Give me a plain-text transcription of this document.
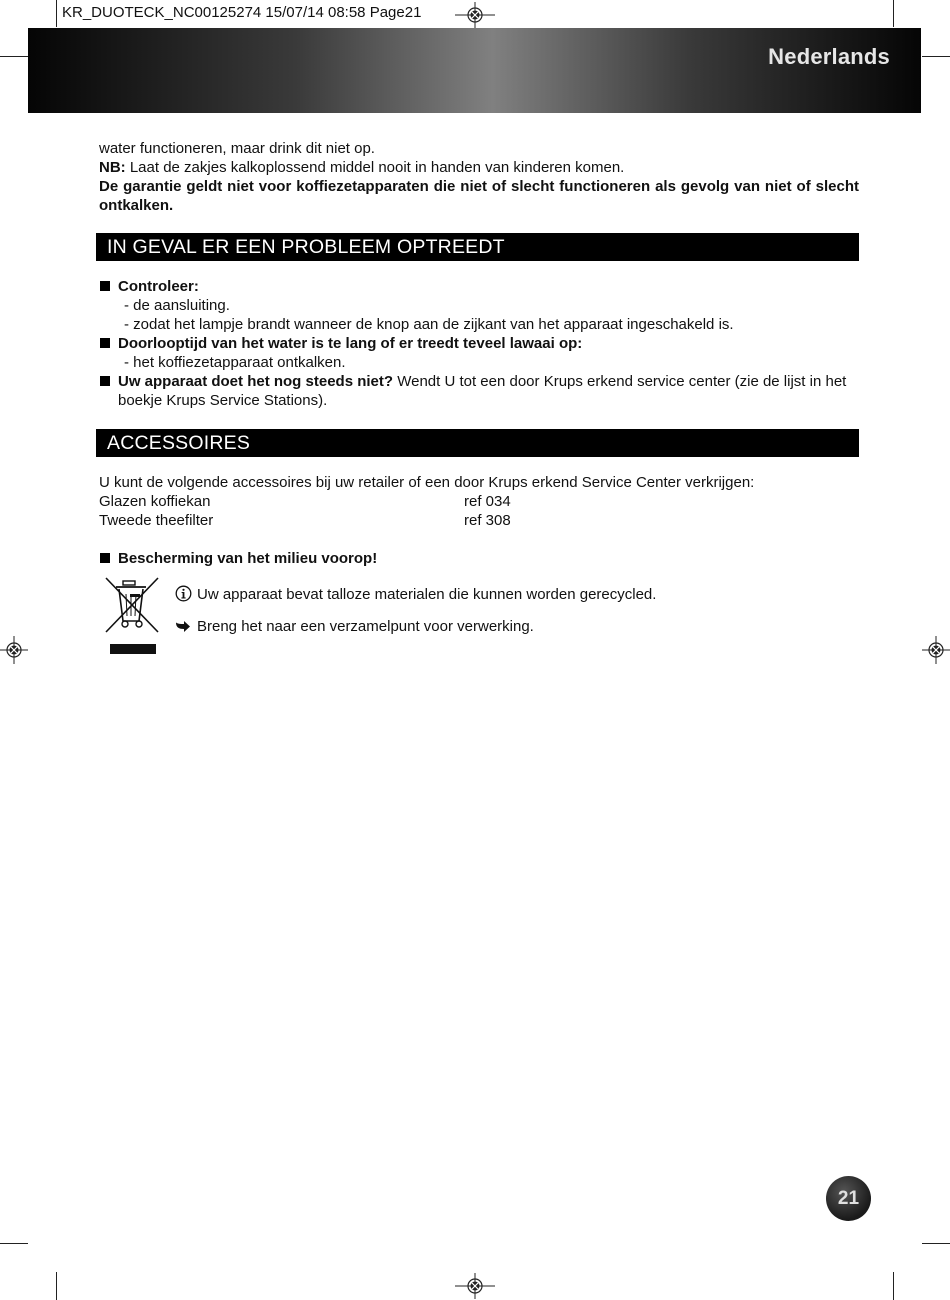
KR_DUOTECK_NC00125274 15/07/14 08:58 Page21
Nederlands

water functioneren, maar drink dit niet op.

NB: Laat de zakjes kalkoplossend middel nooit in handen van kinderen komen.

De garantie geldt niet voor koffiezetapparaten die niet of slecht functioneren als gevolg van niet of slecht ontkalken.

IN GEVAL ER EEN PROBLEEM OPTREEDT
Controleer:
- de aansluiting.
- zodat het lampje brandt wanneer de knop aan de zijkant van het apparaat ingeschakeld is.
Doorlooptijd van het water is te lang of er treedt teveel lawaai op:
- het koffiezetapparaat ontkalken.
Uw apparaat doet het nog steeds niet? Wendt U tot een door Krups erkend service center (zie de lijst in het boekje Krups Service Stations).
ACCESSOIRES
U kunt de volgende accessoires bij uw retailer of een door Krups erkend Service Center verkrijgen:
Glazen koffiekan	ref 034
Tweede theefilter	ref 308
Bescherming van het milieu voorop!
Uw apparaat bevat talloze materialen die kunnen worden gerecycled.
Breng het naar een verzamelpunt voor verwerking.
21
